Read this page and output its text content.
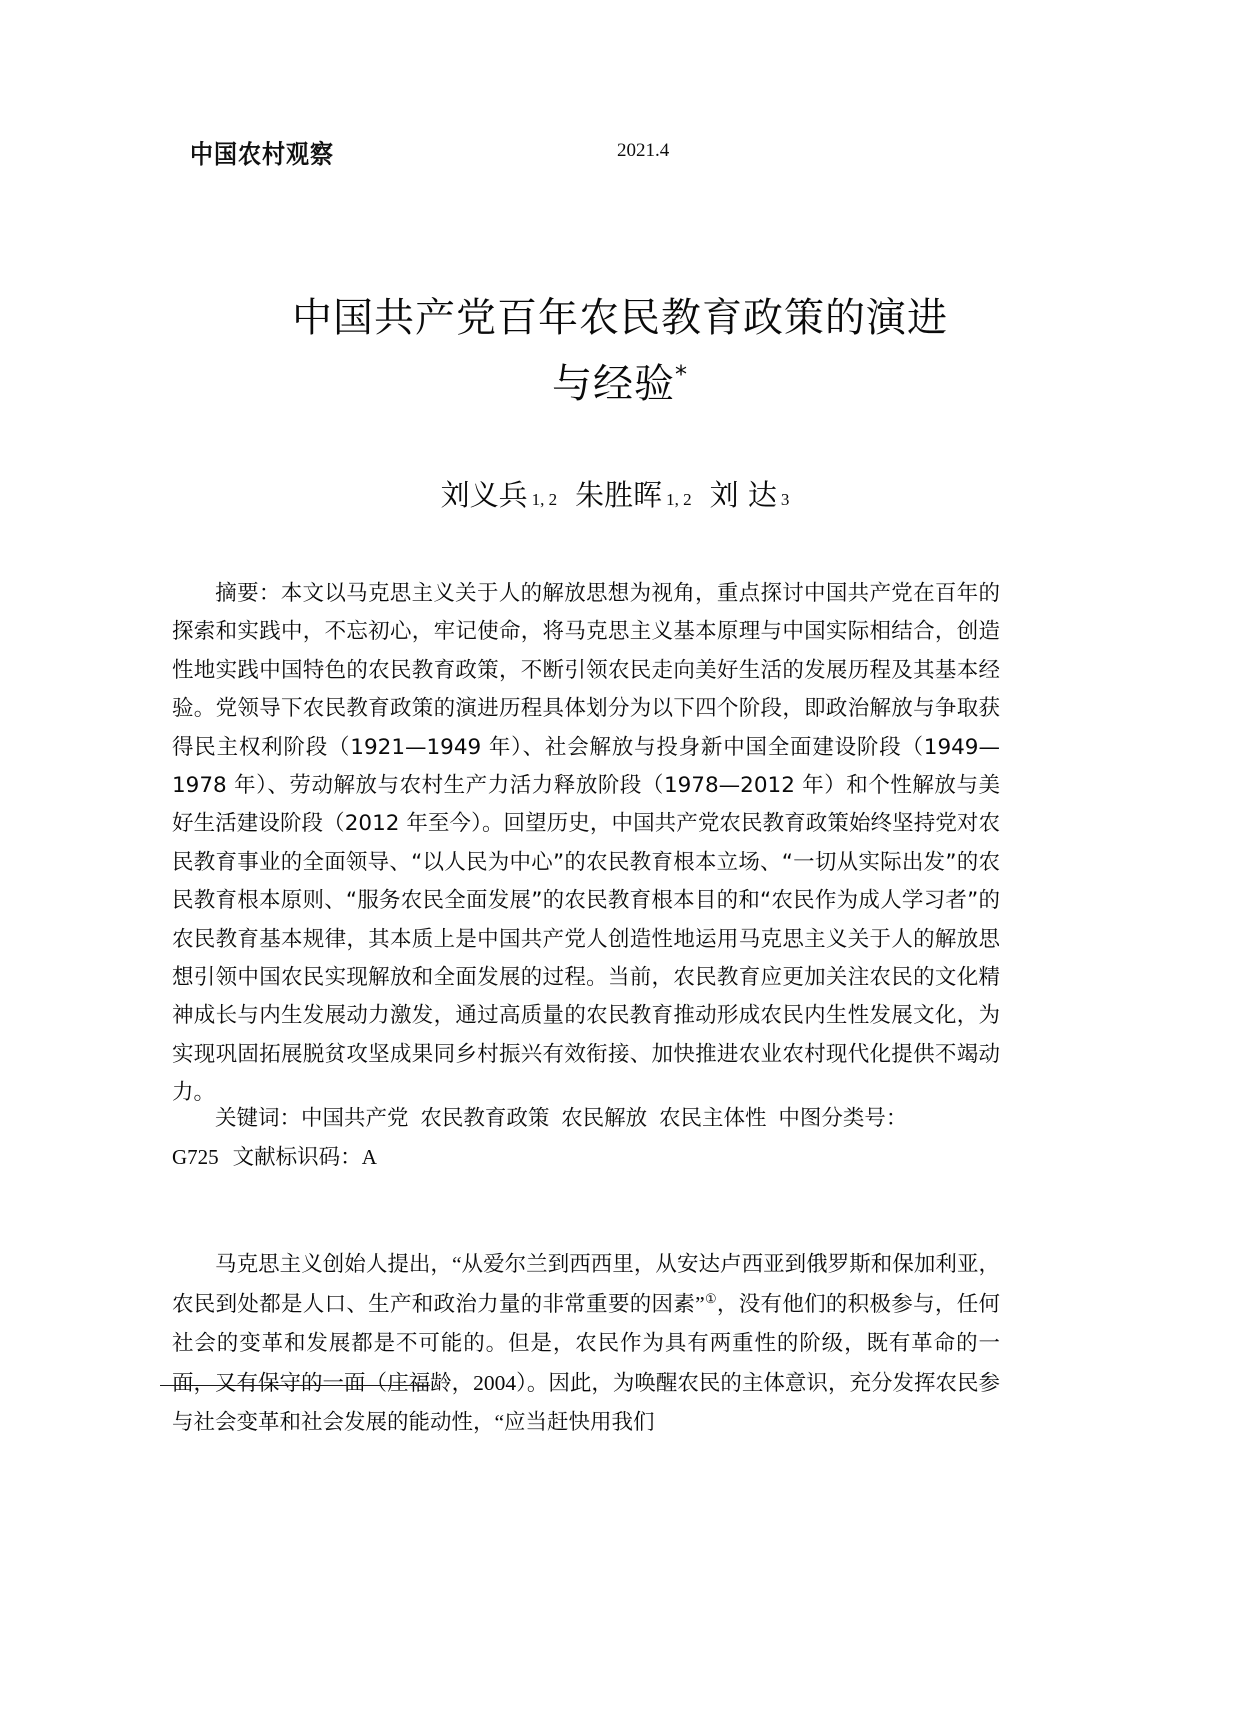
中国农村观察	2021.4
中国共产党百年农民教育政策的演进
与经验*
刘义兵 1, 2 朱胜晖 1, 2 刘 达 3
摘要：本文以马克思主义关于人的解放思想为视角，重点探讨中国共产党在百年的探索和实践中，不忘初心，牢记使命，将马克思主义基本原理与中国实际相结合，创造性地实践中国特色的农民教育政策，不断引领农民走向美好生活的发展历程及其基本经验。党领导下农民教育政策的演进历程具体划分为以下四个阶段，即政治解放与争取获得民主权利阶段（1921—1949 年）、社会解放与投身新中国全面建设阶段（1949—1978 年）、劳动解放与农村生产力活力释放阶段（1978—2012 年）和个性解放与美好生活建设阶段（2012 年至今）。回望历史，中国共产党农民教育政策始终坚持党对农民教育事业的全面领导、“以人民为中心”的农民教育根本立场、“一切从实际出发”的农民教育根本原则、“服务农民全面发展”的农民教育根本目的和“农民作为成人学习者”的农民教育基本规律，其本质上是中国共产党人创造性地运用马克思主义关于人的解放思想引领中国农民实现解放和全面发展的过程。当前，农民教育应更加关注农民的文化精神成长与内生发展动力激发，通过高质量的农民教育推动形成农民内生性发展文化，为实现巩固拓展脱贫攻坚成果同乡村振兴有效衔接、加快推进农业农村现代化提供不竭动力。
关键词：中国共产党 农民教育政策 农民解放 农民主体性 中图分类号：
G725 文献标识码：A
马克思主义创始人提出，“从爱尔兰到西西里，从安达卢西亚到俄罗斯和保加利亚，农民到处都是人口、生产和政治力量的非常重要的因素”①，没有他们的积极参与，任何社会的变革和发展都是不可能的。但是，农民作为具有两重性的阶级，既有革命的一面，又有保守的一面（庄福龄，2004）。因此，为唤醒农民的主体意识，充分发挥农民参与社会变革和社会发展的能动性，“应当赶快用我们
